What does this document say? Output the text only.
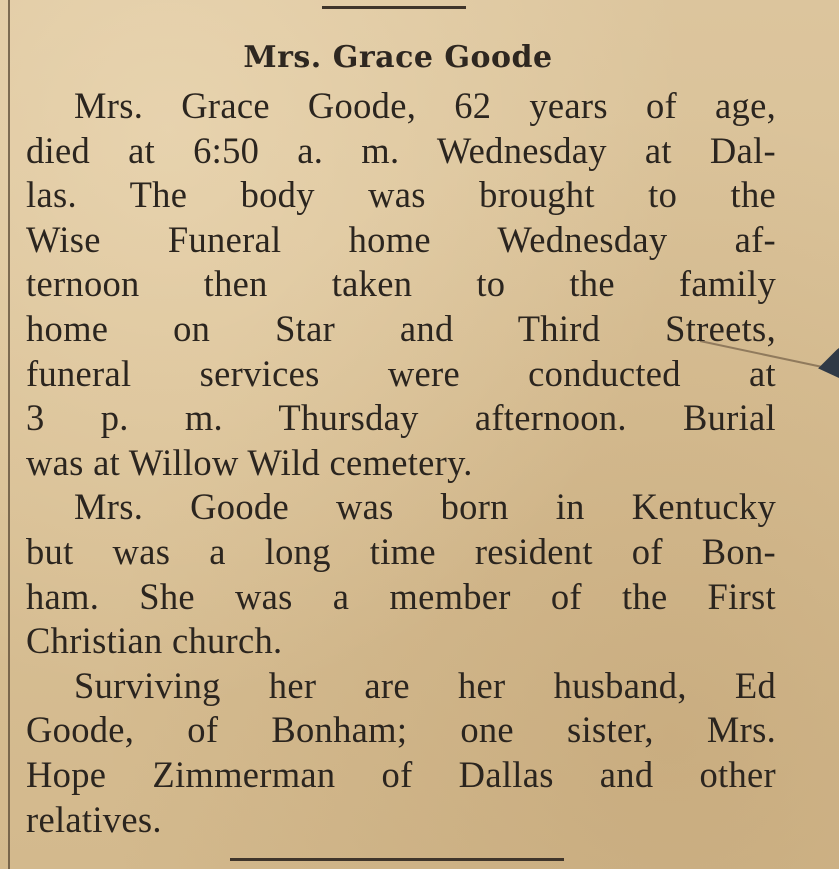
Mrs. Grace Goode
Mrs. Grace Goode, 62 years of age,
died at 6:50 a. m. Wednesday at Dal-
las. The body was brought to the
Wise Funeral home Wednesday af-
ternoon then taken to the family
home on Star and Third Streets,
funeral services were conducted at
3 p. m. Thursday afternoon. Burial
was at Willow Wild cemetery.
Mrs. Goode was born in Kentucky
but was a long time resident of Bon-
ham. She was a member of the First
Christian church.
Surviving her are her husband, Ed
Goode, of Bonham; one sister, Mrs.
Hope Zimmerman of Dallas and other
relatives.
